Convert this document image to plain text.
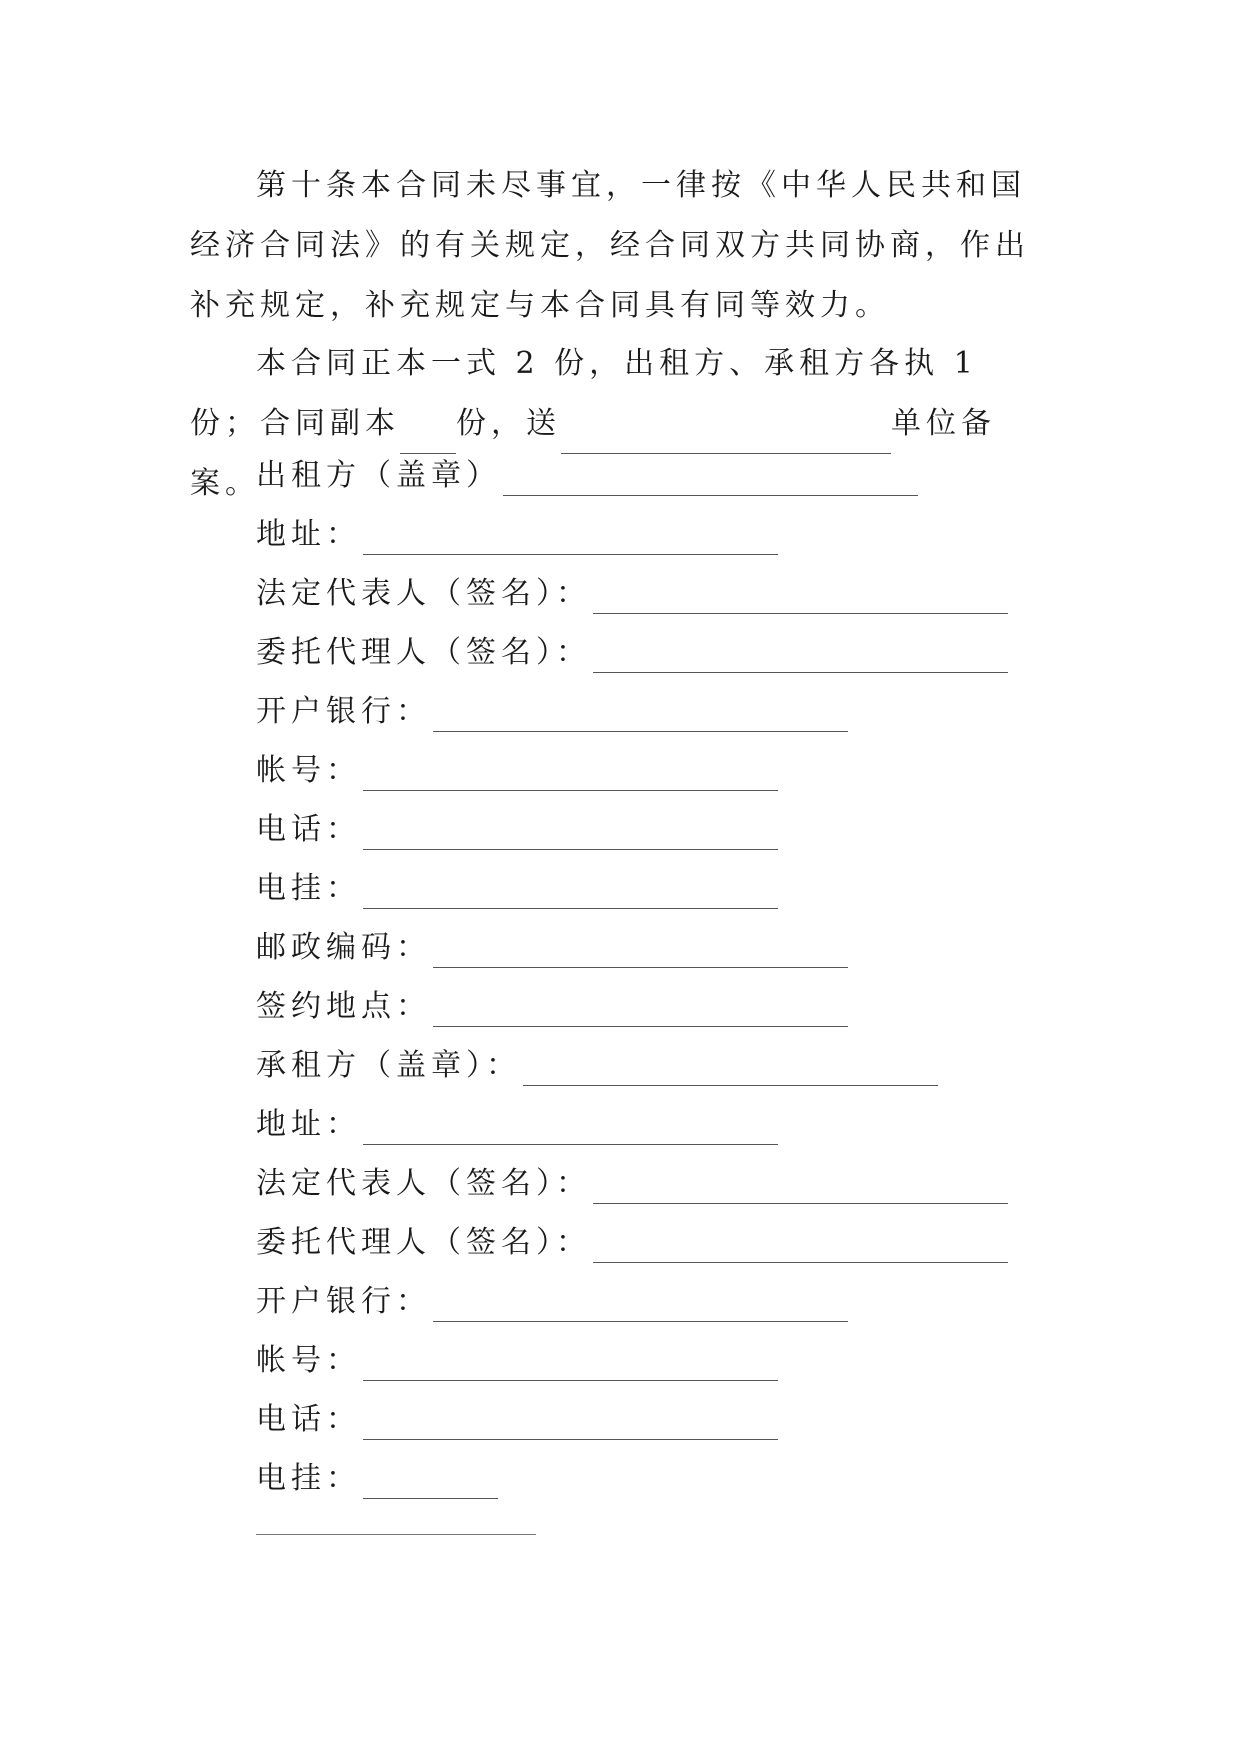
第十条本合同未尽事宜，一律按《中华人民共和国经济合同法》的有关规定，经合同双方共同协商，作出补充规定，补充规定与本合同具有同等效力。

本合同正本一式 2 份，出租方、承租方各执 1 份；合同副本 份，送	单位备案。

出租方（盖章）
地址：
法定代表人（签名）：
委托代理人（签名）：
开户银行：
帐号：
电话：
电挂：
邮政编码：
签约地点：
承租方（盖章）：
地址：
法定代表人（签名）：
委托代理人（签名）：
开户银行：
帐号：
电话：
电挂：
